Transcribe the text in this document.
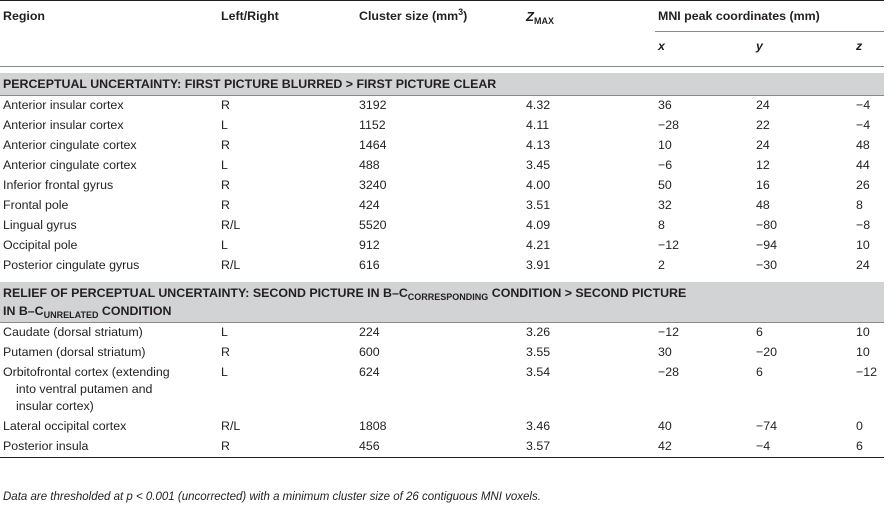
Region	Left/Right	Cluster size $(mm^3)$	$Z_{MAX}$	MNI peak coordinates (mm)		
				x	y	z

PERCEPTUAL UNCERTAINTY: FIRST PICTURE BLURRED > FIRST PICTURE CLEAR						

Anterior insular cortex	R	3192	4.32	36	24	−4

Anterior insular cortex	L	1152	4.11	−28	22	−4

Anterior cingulate cortex	R	1464	4.13	10	24	48

Anterior cingulate cortex	L	488	3.45	−6	12	44

Inferior frontal gyrus	R	3240	4.00	50	16	26

Frontal pole	R	424	3.51	32	48	8

Lingual gyrus	R/L	5520	4.09	8	−80	−8

Occipital pole	L	912	4.21	−12	−94	10

Posterior cingulate gyrus	R/L	616	3.91	2	−30	24

RELIEF OF PERCEPTUAL UNCERTAINTY: SECOND PICTURE IN $B-C_{CORRESPONDING}$ CONDITION > SECOND PICTURE
IN $B-C_{UNRELATED}$ CONDITION						

Caudate (dorsal striatum)	L	224	3.26	−12	6	10

Putamen (dorsal striatum)	R	600	3.55	30	−20	10

Orbitofrontal cortex (extending into ventral putamen and insular cortex)	L	624	3.54	−28	6	−12

Lateral occipital cortex	R/L	1808	3.46	40	−74	0

Posterior insula	R	456	3.57	42	−4	6
Data are thresholded at p < 0.001 (uncorrected) with a minimum cluster size of 26 contiguous MNI voxels.
